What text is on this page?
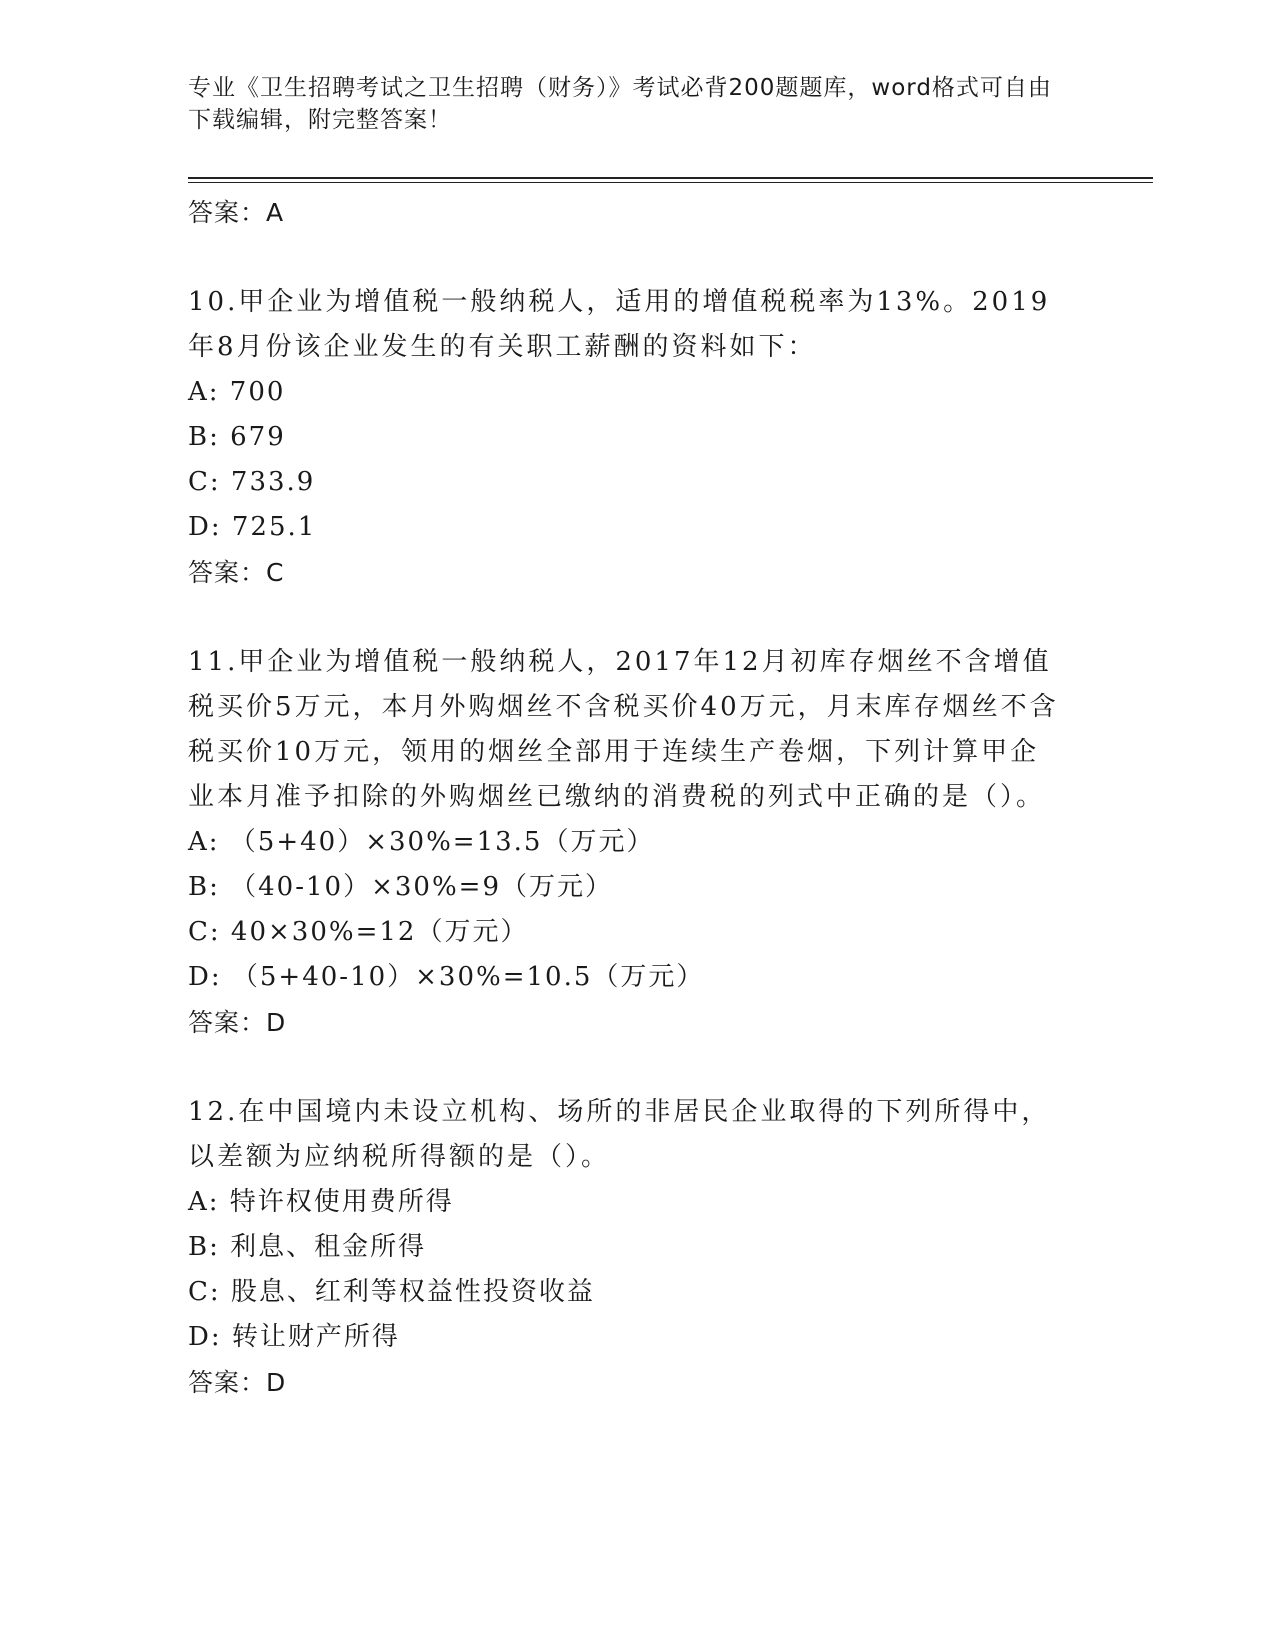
专业《卫生招聘考试之卫生招聘（财务）》考试必背200题题库，word格式可自由下载编辑，附完整答案！
答案：A
10.甲企业为增值税一般纳税人，适用的增值税税率为13%。2019年8月份该企业发生的有关职工薪酬的资料如下：
A: 700
B: 679
C: 733.9
D: 725.1
答案：C
11.甲企业为增值税一般纳税人，2017年12月初库存烟丝不含增值税买价5万元，本月外购烟丝不含税买价40万元，月末库存烟丝不含税买价10万元，领用的烟丝全部用于连续生产卷烟，下列计算甲企业本月准予扣除的外购烟丝已缴纳的消费税的列式中正确的是（）。
A: （5+40）×30%=13.5（万元）
B: （40-10）×30%=9（万元）
C: 40×30%=12（万元）
D: （5+40-10）×30%=10.5（万元）
答案：D
12.在中国境内未设立机构、场所的非居民企业取得的下列所得中，以差额为应纳税所得额的是（）。
A: 特许权使用费所得
B: 利息、租金所得
C: 股息、红利等权益性投资收益
D: 转让财产所得
答案：D
